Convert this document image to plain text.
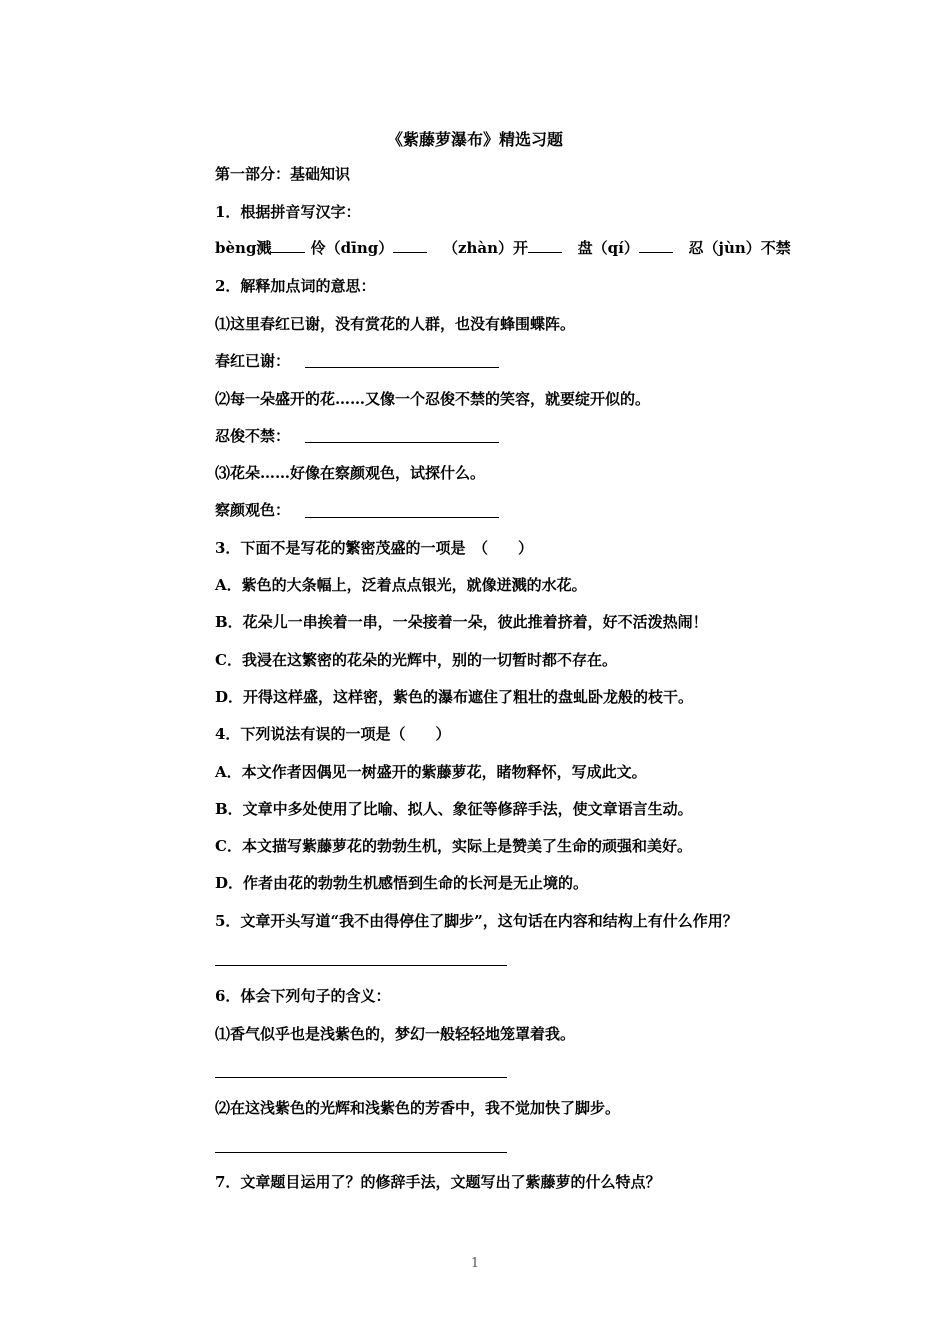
《紫藤萝瀑布》精选习题
第一部分：基础知识
1．根据拼音写汉字：
bèng溅	伶（dīng）	（zhàn）开	盘（qí）	忍（jùn）不禁
2．解释加点词的意思：
⑴这里春红已谢，没有赏花的人群，也没有蜂围蝶阵。
春红已谢：
⑵每一朵盛开的花……又像一个忍俊不禁的笑容，就要绽开似的。
忍俊不禁：
⑶花朵……好像在察颜观色，试探什么。
察颜观色：
3．下面不是写花的繁密茂盛的一项是　（　　）
A．紫色的大条幅上，泛着点点银光，就像迸溅的水花。
B．花朵儿一串挨着一串，一朵接着一朵，彼此推着挤着，好不活泼热闹！
C．我浸在这繁密的花朵的光辉中，别的一切暂时都不存在。
D．开得这样盛，这样密，紫色的瀑布遮住了粗壮的盘虬卧龙般的枝干。
4．下列说法有误的一项是（　　）
A．本文作者因偶见一树盛开的紫藤萝花，睹物释怀，写成此文。
B．文章中多处使用了比喻、拟人、象征等修辞手法，使文章语言生动。
C．本文描写紫藤萝花的勃勃生机，实际上是赞美了生命的顽强和美好。
D．作者由花的勃勃生机感悟到生命的长河是无止境的。
5．文章开头写道“我不由得停住了脚步”，这句话在内容和结构上有什么作用？
6．体会下列句子的含义：
⑴香气似乎也是浅紫色的，梦幻一般轻轻地笼罩着我。
⑵在这浅紫色的光辉和浅紫色的芳香中，我不觉加快了脚步。
7．文章题目运用了？的修辞手法，文题写出了紫藤萝的什么特点？
1
